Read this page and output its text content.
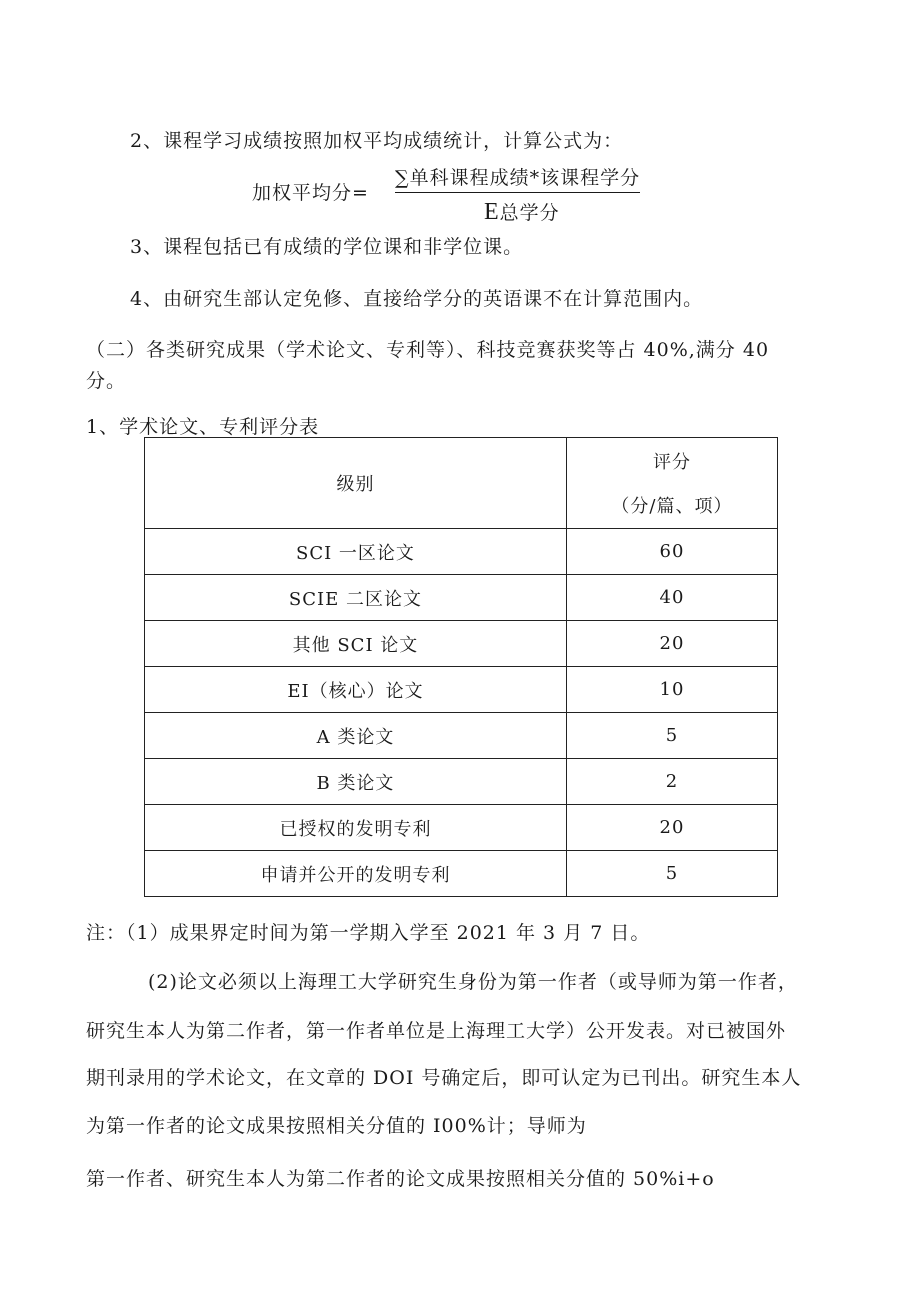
2、课程学习成绩按照加权平均成绩统计，计算公式为：
加权平均分=
∑单科课程成绩*该课程学分
E总学分
3、课程包括已有成绩的学位课和非学位课。
4、由研究生部认定免修、直接给学分的英语课不在计算范围内。
（二）各类研究成果（学术论文、专利等）、科技竞赛获奖等占 40%,满分 40
分。
1、学术论文、专利评分表
级别	评分
（分/篇、项）

SCI 一区论文	60
SCIE 二区论文	40
其他 SCI 论文	20
EI（核心）论文	10
A 类论文	5
B 类论文	2
已授权的发明专利	20
申请并公开的发明专利	5
注：（1）成果界定时间为第一学期入学至 2021 年 3 月 7 日。
(2)论文必须以上海理工大学研究生身份为第一作者（或导师为第一作者，
研究生本人为第二作者，第一作者单位是上海理工大学）公开发表。对已被国外
期刊录用的学术论文，在文章的 DOI 号确定后，即可认定为已刊出。研究生本人
为第一作者的论文成果按照相关分值的 I00%计；导师为
第一作者、研究生本人为第二作者的论文成果按照相关分值的 50%i+o
